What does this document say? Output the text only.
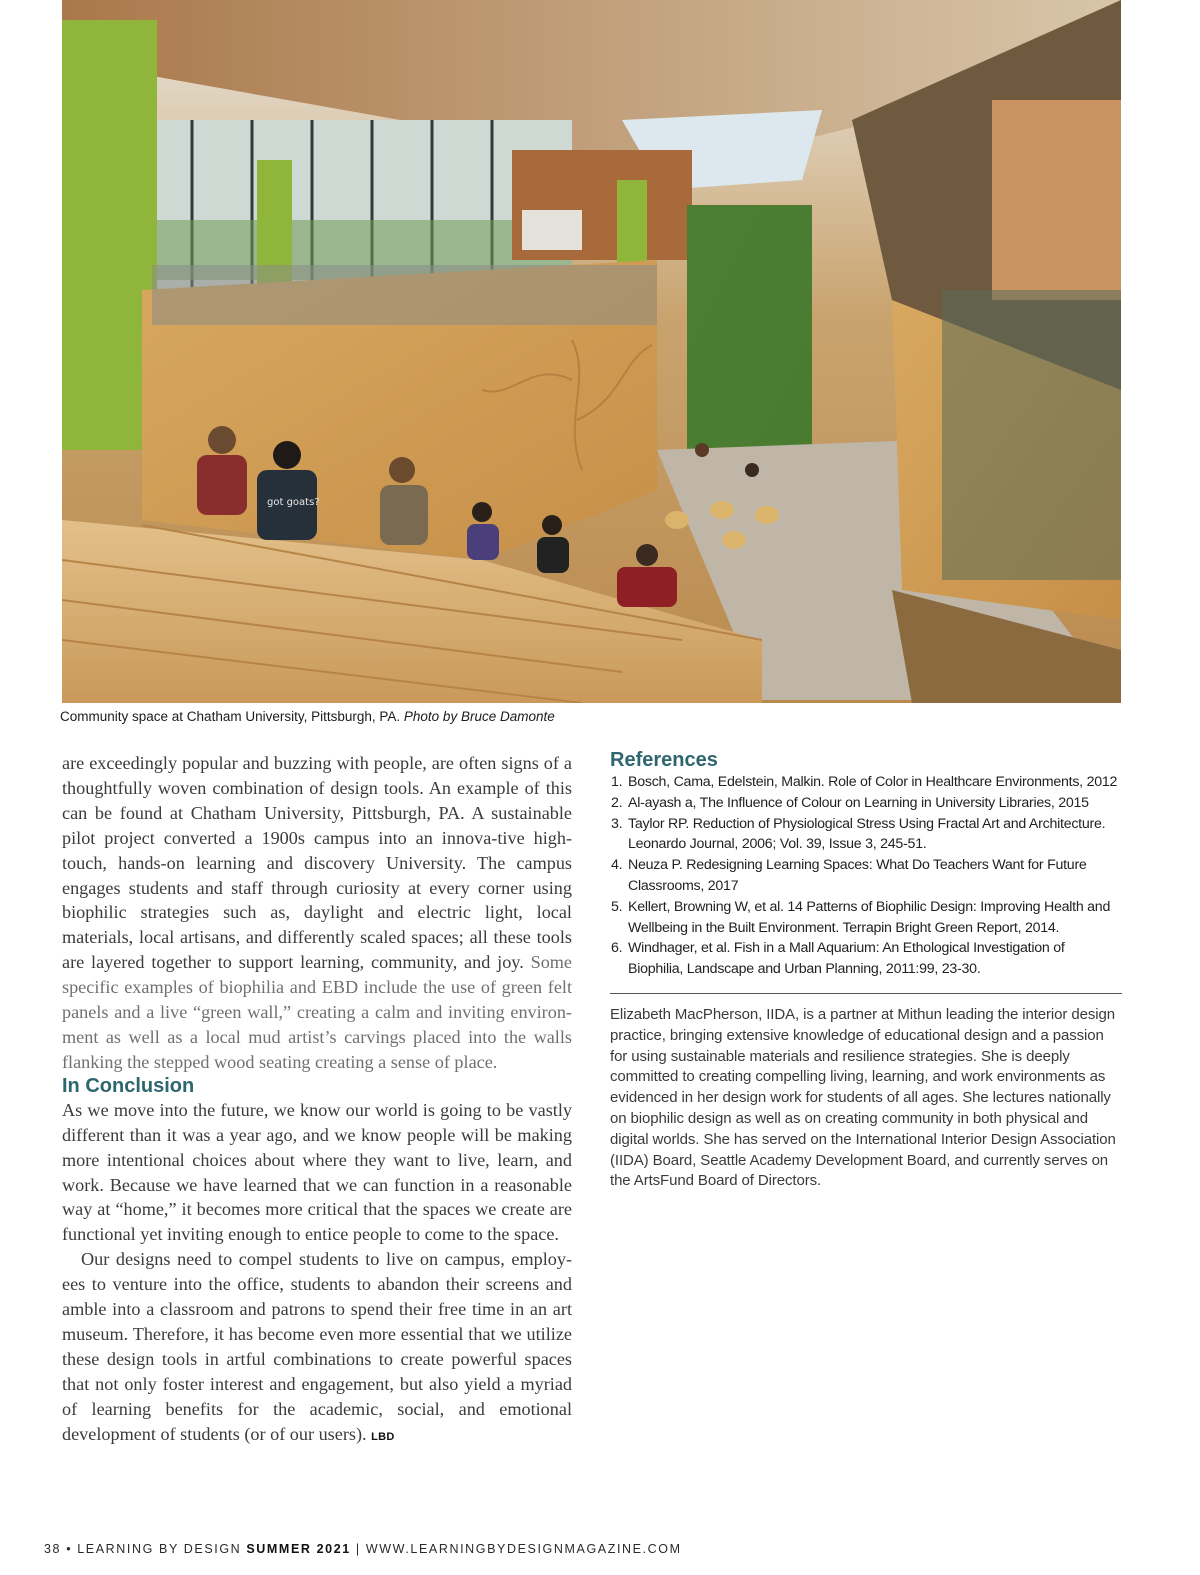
got goats?
Community space at Chatham University, Pittsburgh, PA. Photo by Bruce Damonte

are exceedingly popular and buzzing with people, are often signs of a thoughtfully woven combination of design tools. An example of this can be found at Chatham University, Pittsburgh, PA. A sustainable pilot project converted a 1900s campus into an innova-tive high-touch, hands-on learning and discovery University. The campus engages students and staff through curiosity at every corner using biophilic strategies such as, daylight and electric light, local materials, local artisans, and differently scaled spaces; all these tools are layered together to support learning, community, and joy. Some specific examples of biophilia and EBD include the use of green felt panels and a live “green wall,” creating a calm and inviting environ-ment as well as a local mud artist’s carvings placed into the walls flanking the stepped wood seating creating a sense of place.

In Conclusion

As we move into the future, we know our world is going to be vastly different than it was a year ago, and we know people will be making more intentional choices about where they want to live, learn, and work. Because we have learned that we can function in a reasonable way at “home,” it becomes more critical that the spaces we create are functional yet inviting enough to entice people to come to the space.

Our designs need to compel students to live on campus, employ-ees to venture into the office, students to abandon their screens and amble into a classroom and patrons to spend their free time in an art museum. Therefore, it has become even more essential that we utilize these design tools in artful combinations to create powerful spaces that not only foster interest and engagement, but also yield a myriad of learning benefits for the academic, social, and emotional development of students (or of our users). LBD

References
1. Bosch, Cama, Edelstein, Malkin. Role of Color in Healthcare Environments, 2012
2. Al-ayash a, The Influence of Colour on Learning in University Libraries, 2015
3. Taylor RP. Reduction of Physiological Stress Using Fractal Art and Architecture. Leonardo Journal, 2006; Vol. 39, Issue 3, 245-51.
4. Neuza P. Redesigning Learning Spaces: What Do Teachers Want for Future Classrooms, 2017
5. Kellert, Browning W, et al. 14 Patterns of Biophilic Design: Improving Health and Wellbeing in the Built Environment. Terrapin Bright Green Report, 2014.
6. Windhager, et al. Fish in a Mall Aquarium: An Ethological Investigation of Biophilia, Landscape and Urban Planning, 2011:99, 23-30.

Elizabeth MacPherson, IIDA, is a partner at Mithun leading the interior design practice, bringing extensive knowledge of educational design and a passion for using sustainable materials and resilience strategies. She is deeply committed to creating compelling living, learning, and work environments as evidenced in her design work for students of all ages. She lectures nationally on biophilic design as well as on creating community in both physical and digital worlds. She has served on the International Interior Design Association (IIDA) Board, Seattle Academy Development Board, and currently serves on the ArtsFund Board of Directors.

38 • LEARNING BY DESIGN SUMMER 2021 | WWW.LEARNINGBYDESIGNMAGAZINE.COM
